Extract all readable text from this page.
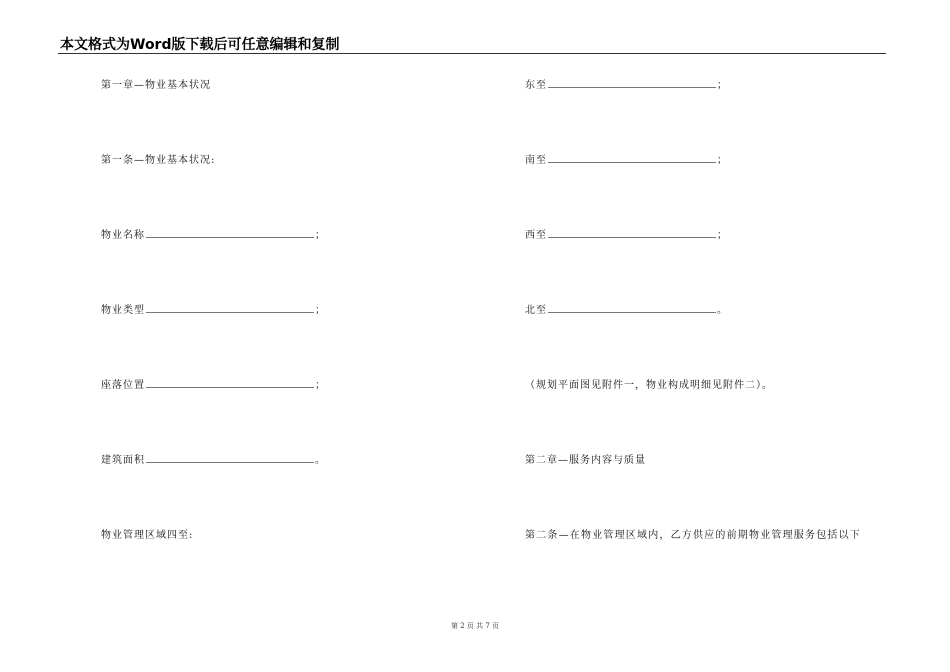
本文格式为Word版下载后可任意编辑和复制
第一章—物业基本状况
第一条—物业基本状况:
物业名称	；
物业类型	；
座落位置	；
建筑面积	。
物业管理区域四至:
东至	；
南至	；
西至	；
北至	。
（规划平面图见附件一，物业构成明细见附件二）。
第二章—服务内容与质量
第二条—在物业管理区域内，乙方供应的前期物业管理服务包括以下
第 2 页 共 7 页
